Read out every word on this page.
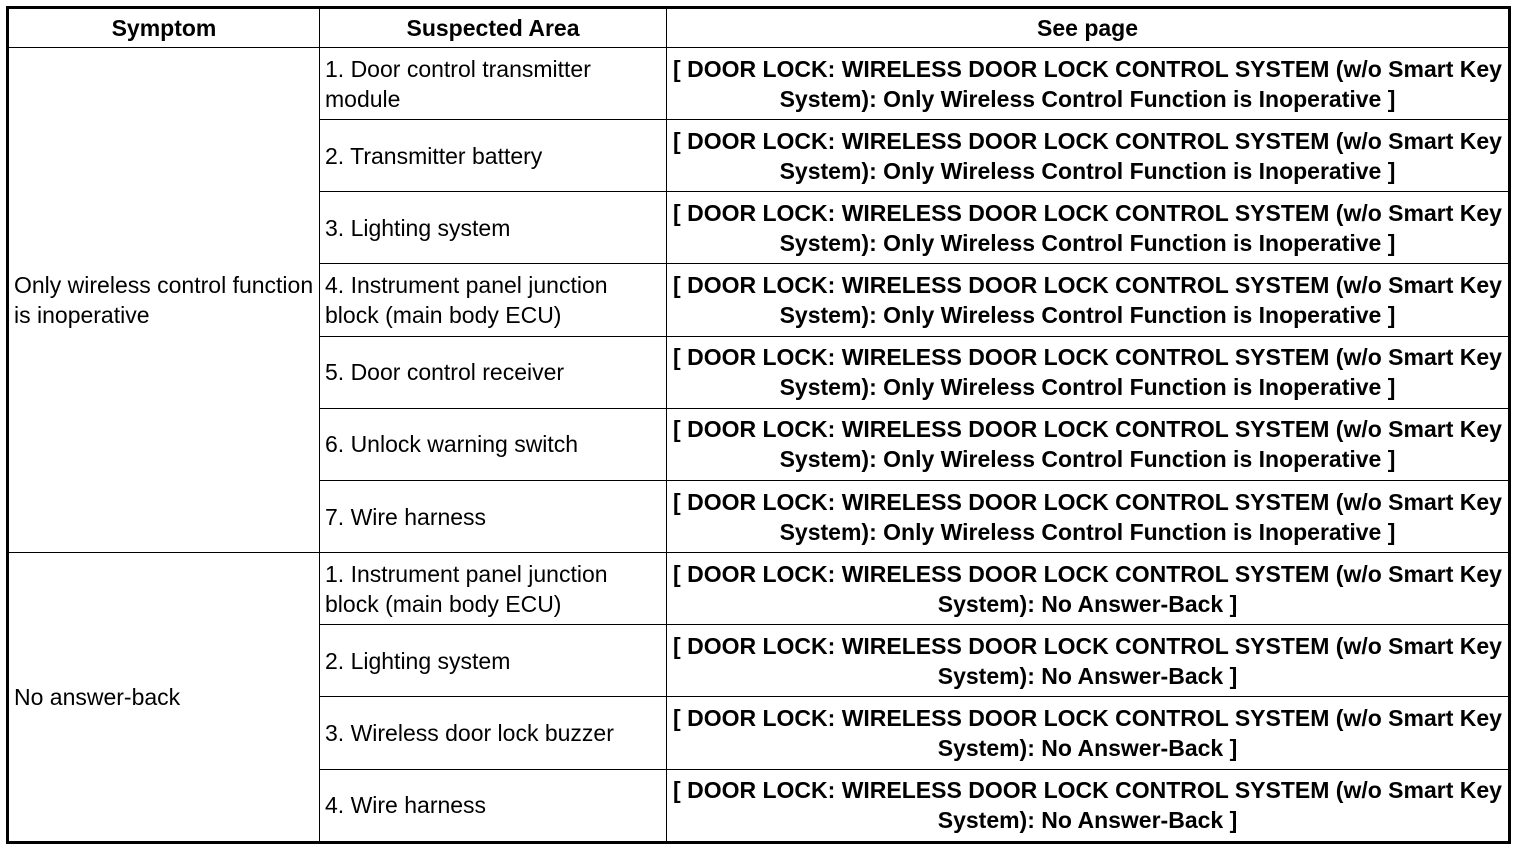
Symptom	Suspected Area	See page
Only wireless control function is inoperative	1. Door control transmitter module	[ DOOR LOCK: WIRELESS DOOR LOCK CONTROL SYSTEM (w/o Smart Key System): Only Wireless Control Function is Inoperative ]
	2. Transmitter battery	[ DOOR LOCK: WIRELESS DOOR LOCK CONTROL SYSTEM (w/o Smart Key System): Only Wireless Control Function is Inoperative ]
	3. Lighting system	[ DOOR LOCK: WIRELESS DOOR LOCK CONTROL SYSTEM (w/o Smart Key System): Only Wireless Control Function is Inoperative ]
	4. Instrument panel junction block (main body ECU)	[ DOOR LOCK: WIRELESS DOOR LOCK CONTROL SYSTEM (w/o Smart Key System): Only Wireless Control Function is Inoperative ]
	5. Door control receiver	[ DOOR LOCK: WIRELESS DOOR LOCK CONTROL SYSTEM (w/o Smart Key System): Only Wireless Control Function is Inoperative ]
	6. Unlock warning switch	[ DOOR LOCK: WIRELESS DOOR LOCK CONTROL SYSTEM (w/o Smart Key System): Only Wireless Control Function is Inoperative ]
	7. Wire harness	[ DOOR LOCK: WIRELESS DOOR LOCK CONTROL SYSTEM (w/o Smart Key System): Only Wireless Control Function is Inoperative ]
No answer-back	1. Instrument panel junction block (main body ECU)	[ DOOR LOCK: WIRELESS DOOR LOCK CONTROL SYSTEM (w/o Smart Key System): No Answer-Back ]
	2. Lighting system	[ DOOR LOCK: WIRELESS DOOR LOCK CONTROL SYSTEM (w/o Smart Key System): No Answer-Back ]
	3. Wireless door lock buzzer	[ DOOR LOCK: WIRELESS DOOR LOCK CONTROL SYSTEM (w/o Smart Key System): No Answer-Back ]
	4. Wire harness	[ DOOR LOCK: WIRELESS DOOR LOCK CONTROL SYSTEM (w/o Smart Key System): No Answer-Back ]
